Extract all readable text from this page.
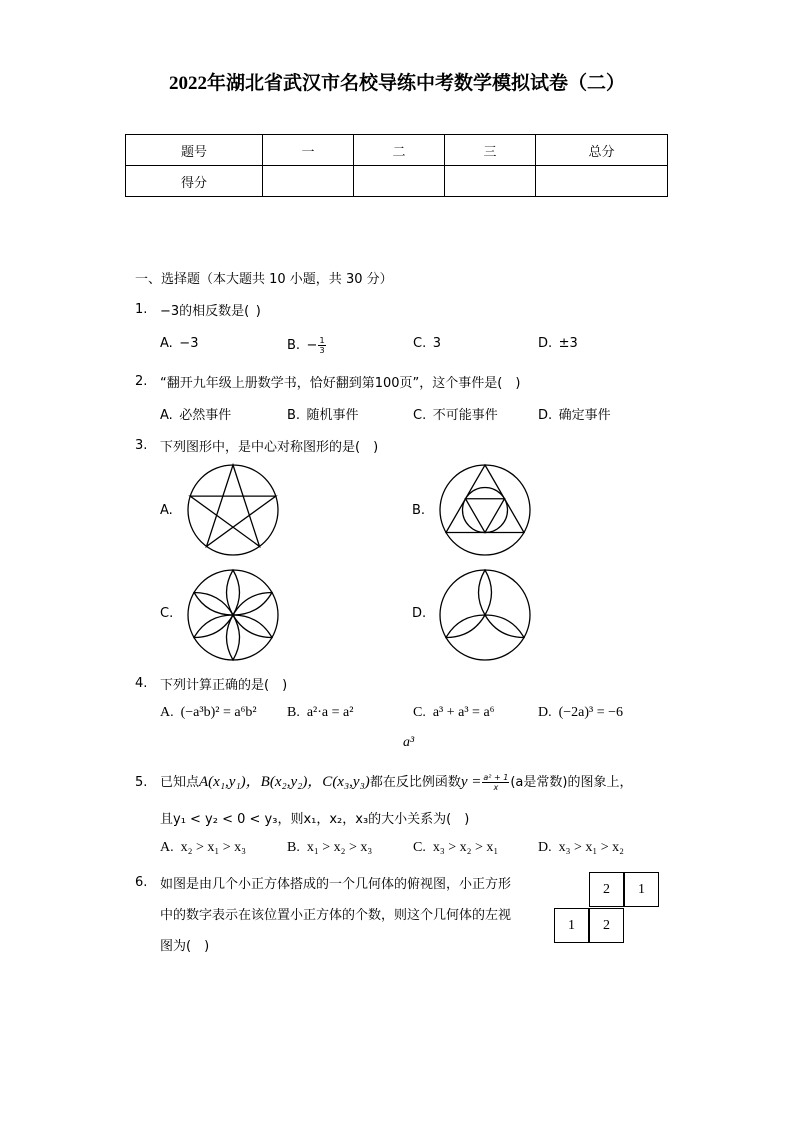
2022年湖北省武汉市名校导练中考数学模拟试卷（二）
题号	一	二	三	总分
得分				
一、选择题（本大题共 10 小题，共 30 分）
1. −3的相反数是( )
A. −3	B. − $\frac{1}{3}$	C. 3	D. ±3
2. “翻开九年级上册数学书，恰好翻到第100页”，这个事件是(  )
A. 必然事件	B. 随机事件	C. 不可能事件	D. 确定事件
3. 下列图形中，是中心对称图形的是(  )
A.	B.
C.	D.
4. 下列计算正确的是(  )
A. (−a³b)² = a⁶b² B. a²·a = a²	C. a³ + a³ = a⁶	D. (−2a)³ = −6
a³
5. 已知点A(x₁,y₁)，B(x₂,y₂)，C(x₃,y₃)都在反比例函数$y = \frac{\text{a² + 1}}{x} (a$是常数)的图象上，
且y₁ < y₂ < 0 < y₃，则x₁，x₂，x₃的大小关系为(  )
A. x₂ > x₁ > x₃	B. x₁ > x₂ > x₃	C. x₃ > x₂ > x₁	D. x₃ > x₁ > x₂
6. 如图是由几个小正方体搭成的一个几何体的俯视图，小正方形
中的数字表示在该位置小正方体的个数，则这个几何体的左视
图为(  )
2	1
1	2
